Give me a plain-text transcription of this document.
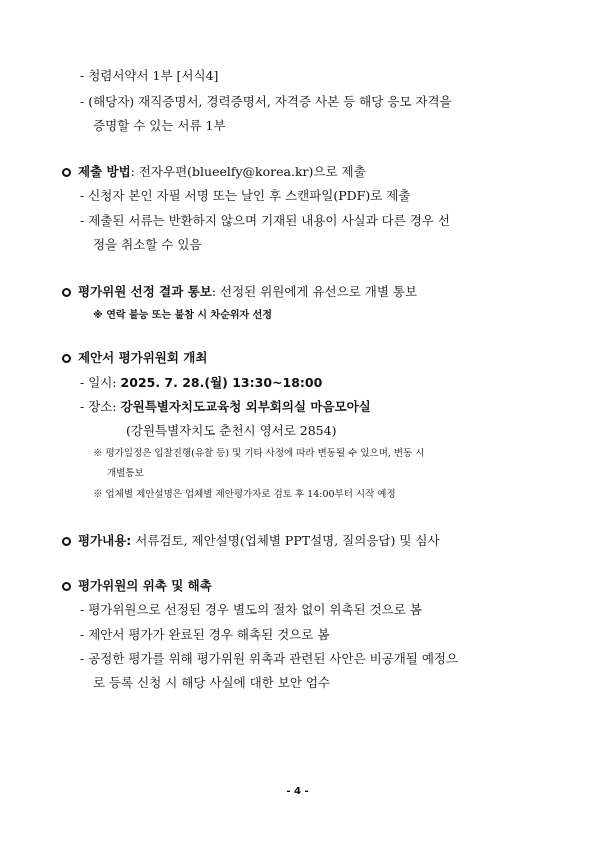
- 청렴서약서 1부 [서식4]
- (해당자) 재직증명서, 경력증명서, 자격증 사본 등 해당 응모 자격을
증명할 수 있는 서류 1부
제출 방법: 전자우편(blueelfy@korea.kr)으로 제출
- 신청자 본인 자필 서명 또는 날인 후 스캔파일(PDF)로 제출
- 제출된 서류는 반환하지 않으며 기재된 내용이 사실과 다른 경우 선
정을 취소할 수 있음
평가위원 선정 결과 통보: 선정된 위원에게 유선으로 개별 통보
※ 연락 불능 또는 불참 시 차순위자 선정
제안서 평가위원회 개최
- 일시: 2025. 7. 28.(월) 13:30~18:00
- 장소: 강원특별자치도교육청 외부회의실 마음모아실
(강원특별자치도 춘천시 영서로 2854)
※ 평가일정은 입찰진행(유찰 등) 및 기타 사정에 따라 변동될 수 있으며, 변동 시
개별통보
※ 업체별 제안설명은 업체별 제안평가자로 검토 후 14:00부터 시작 예정
평가내용: 서류검토, 제안설명(업체별 PPT설명, 질의응답) 및 심사
평가위원의 위촉 및 해촉
- 평가위원으로 선정된 경우 별도의 절차 없이 위촉된 것으로 봄
- 제안서 평가가 완료된 경우 해촉된 것으로 봄
- 공정한 평가를 위해 평가위원 위촉과 관련된 사안은 비공개될 예정으
로 등록 신청 시 해당 사실에 대한 보안 엄수
- 4 -
